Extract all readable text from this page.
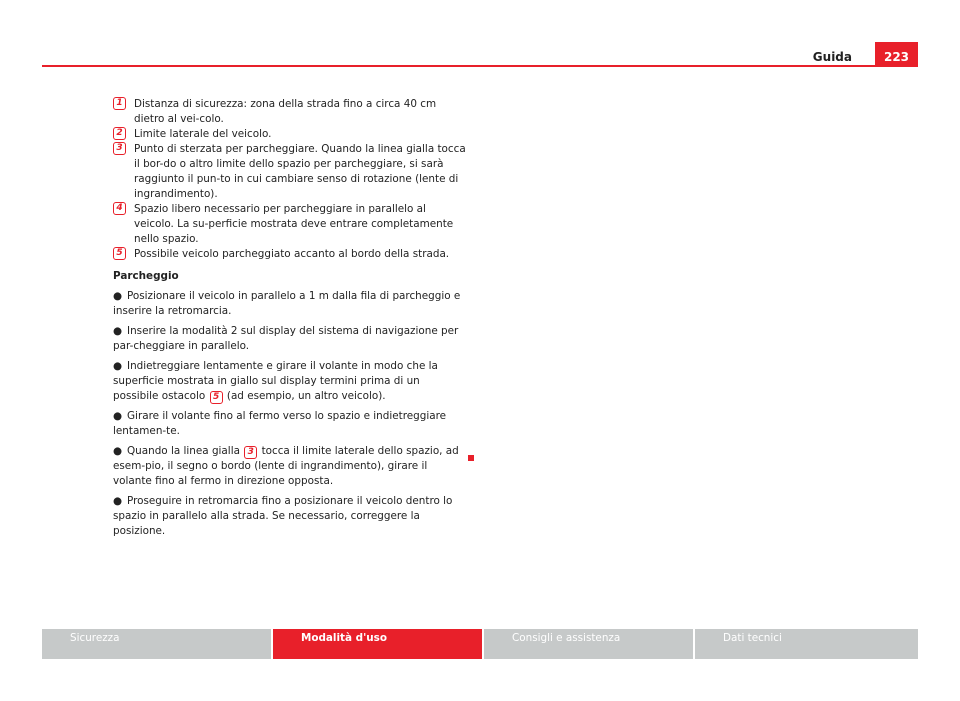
Guida	223

1	Distanza di sicurezza: zona della strada fino a circa 40 cm dietro al vei-colo.

2	Limite laterale del veicolo.

3	Punto di sterzata per parcheggiare. Quando la linea gialla tocca il bor-do o altro limite dello spazio per parcheggiare, si sarà raggiunto il pun-to in cui cambiare senso di rotazione (lente di ingrandimento).

4	Spazio libero necessario per parcheggiare in parallelo al veicolo. La su-perficie mostrata deve entrare completamente nello spazio.

5	Possibile veicolo parcheggiato accanto al bordo della strada.

Parcheggio

● Posizionare il veicolo in parallelo a 1 m dalla fila di parcheggio e inserire la retromarcia.

● Inserire la modalità 2 sul display del sistema di navigazione per par-cheggiare in parallelo.

● Indietreggiare lentamente e girare il volante in modo che la superficie mostrata in giallo sul display termini prima di un possibile ostacolo 5 (ad esempio, un altro veicolo).

● Girare il volante fino al fermo verso lo spazio e indietreggiare lentamen-te.

● Quando la linea gialla 3 tocca il limite laterale dello spazio, ad esem-pio, il segno o bordo (lente di ingrandimento), girare il volante fino al fermo in direzione opposta.

● Proseguire in retromarcia fino a posizionare il veicolo dentro lo spazio in parallelo alla strada. Se necessario, correggere la posizione.

Sicurezza	Modalità d'uso	Consigli e assistenza	Dati tecnici
